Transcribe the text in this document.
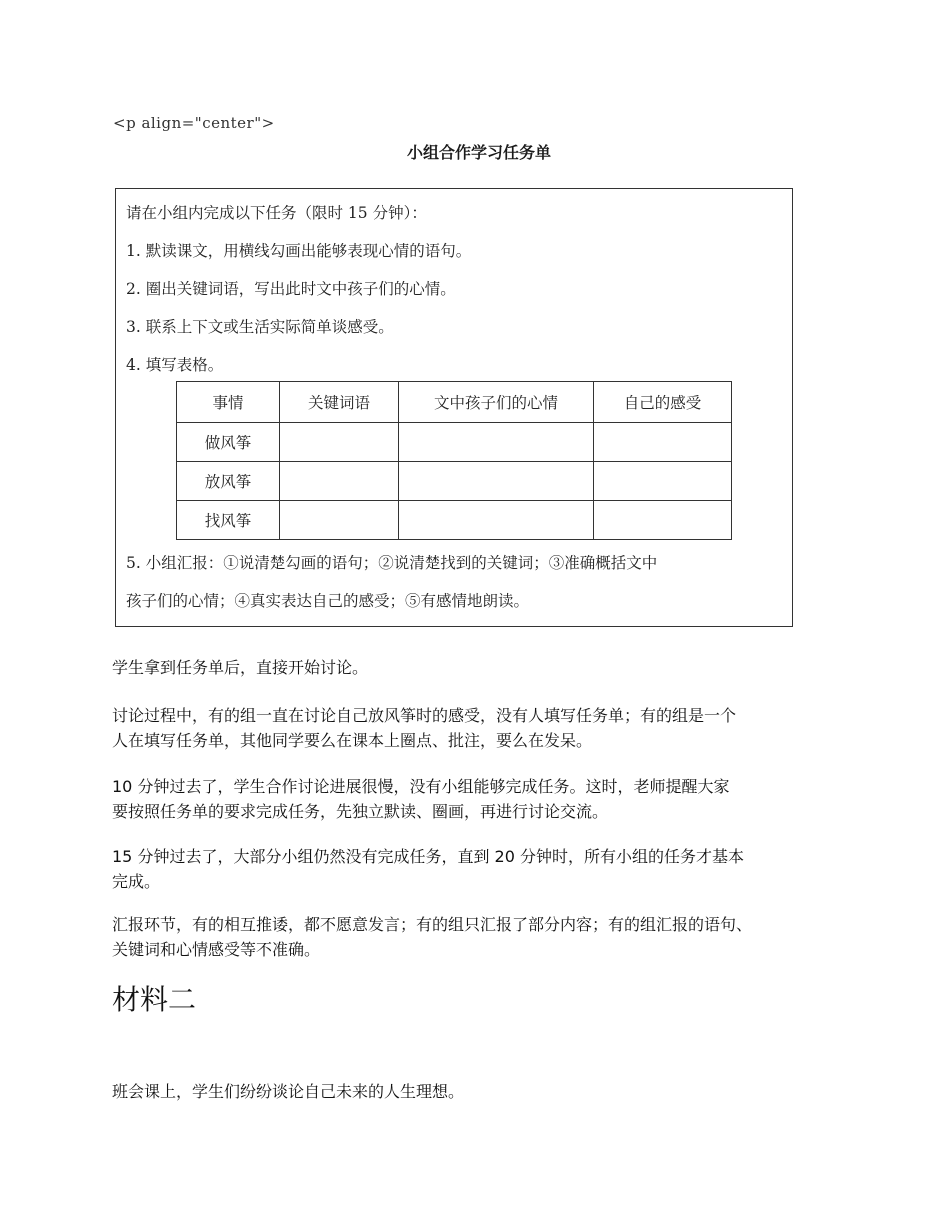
<p align="center">
小组合作学习任务单
请在小组内完成以下任务（限时 15 分钟）：
1. 默读课文，用横线勾画出能够表现心情的语句。
2. 圈出关键词语，写出此时文中孩子们的心情。
3. 联系上下文或生活实际简单谈感受。
4. 填写表格。
事情	关键词语	文中孩子们的心情	自己的感受
做风筝			
放风筝			
找风筝			
5. 小组汇报：①说清楚勾画的语句；②说清楚找到的关键词；③准确概括文中
孩子们的心情；④真实表达自己的感受；⑤有感情地朗读。
学生拿到任务单后，直接开始讨论。
讨论过程中，有的组一直在讨论自己放风筝时的感受，没有人填写任务单；有的组是一个
人在填写任务单，其他同学要么在课本上圈点、批注，要么在发呆。
10 分钟过去了，学生合作讨论进展很慢，没有小组能够完成任务。这时，老师提醒大家
要按照任务单的要求完成任务，先独立默读、圈画，再进行讨论交流。
15 分钟过去了，大部分小组仍然没有完成任务，直到 20 分钟时，所有小组的任务才基本
完成。
汇报环节，有的相互推诿，都不愿意发言；有的组只汇报了部分内容；有的组汇报的语句、
关键词和心情感受等不准确。
材料二
班会课上，学生们纷纷谈论自己未来的人生理想。
